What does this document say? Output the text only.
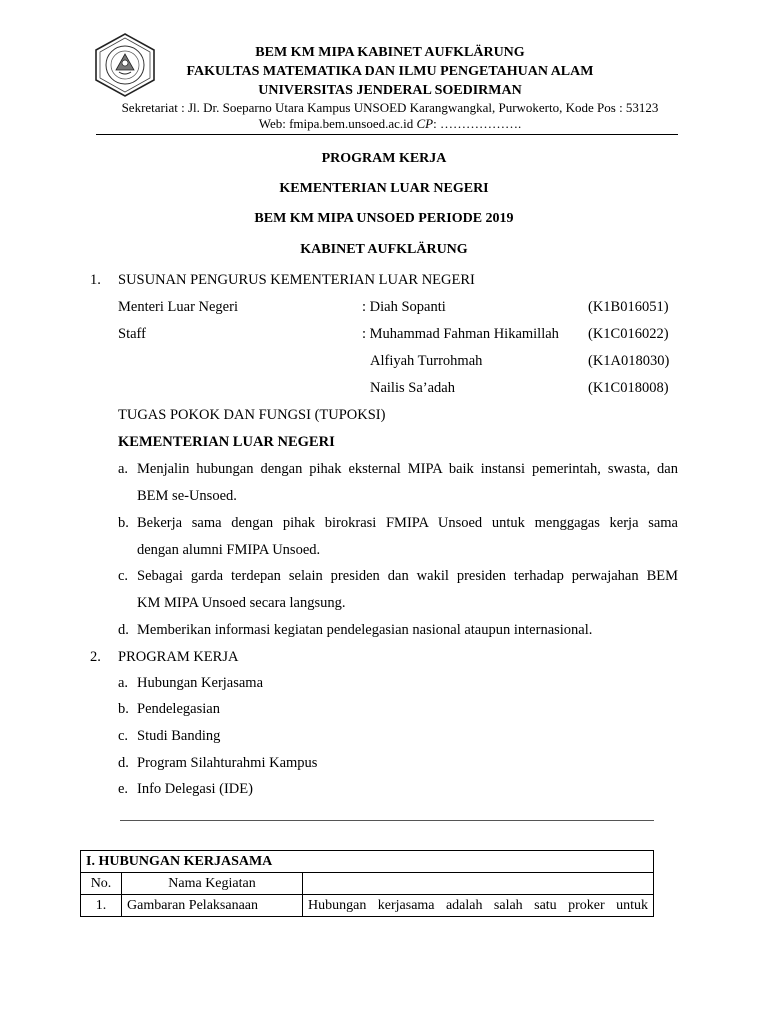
BEM KM MIPA KABINET AUFKLÄRUNG
FAKULTAS MATEMATIKA DAN ILMU PENGETAHUAN ALAM
UNIVERSITAS JENDERAL SOEDIRMAN
Sekretariat : Jl. Dr. Soeparno Utara Kampus UNSOED Karangwangkal, Purwokerto, Kode Pos : 53123
Web: fmipa.bem.unsoed.ac.id CP: ……………….
PROGRAM KERJA
KEMENTERIAN LUAR NEGERI
BEM KM MIPA UNSOED PERIODE 2019
KABINET AUFKLÄRUNG
1. SUSUNAN PENGURUS KEMENTERIAN LUAR NEGERI
Menteri Luar Negeri	: Diah Sopanti	(K1B016051)
Staff	: Muhammad Fahman Hikamillah (K1C016022)
Alfiyah Turrohmah	(K1A018030)
Nailis Sa’adah	(K1C018008)
TUGAS POKOK DAN FUNGSI (TUPOKSI)
KEMENTERIAN LUAR NEGERI
a. Menjalin hubungan dengan pihak eksternal MIPA baik instansi pemerintah, swasta, dan
BEM se-Unsoed.
b. Bekerja sama dengan pihak birokrasi FMIPA Unsoed untuk menggagas kerja sama
dengan alumni FMIPA Unsoed.
c. Sebagai garda terdepan selain presiden dan wakil presiden terhadap perwajahan BEM
KM MIPA Unsoed secara langsung.
d. Memberikan informasi kegiatan pendelegasian nasional ataupun internasional.
2. PROGRAM KERJA
a. Hubungan Kerjasama
b. Pendelegasian
c. Studi Banding
d. Program Silahturahmi Kampus
e. Info Delegasi (IDE)
I. HUBUNGAN KERJASAMA		
No.	Nama Kegiatan	
1.	Gambaran Pelaksanaan	Hubungan kerjasama adalah salah satu proker untuk
